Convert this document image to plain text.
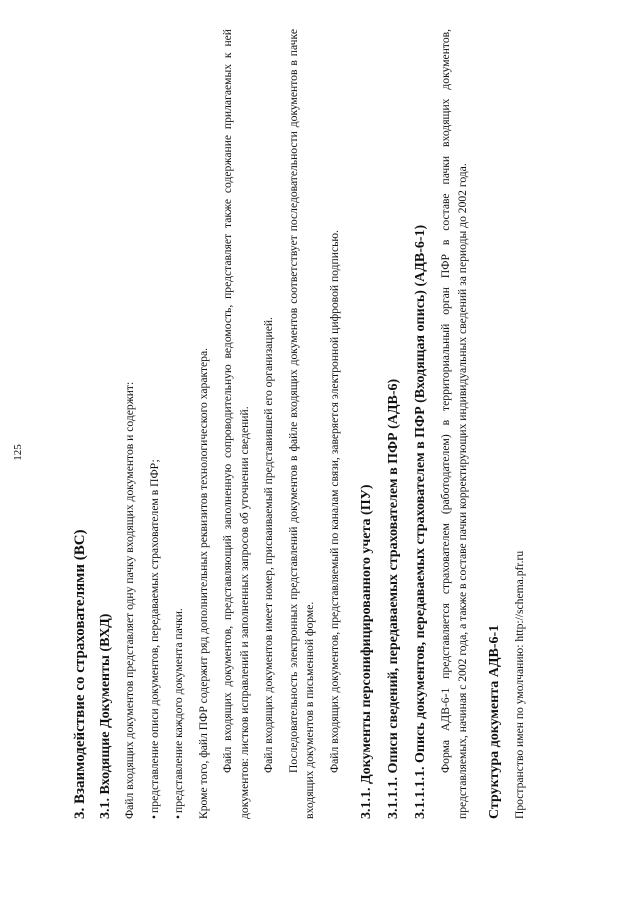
125
3. Взаимодействие со страхователями (ВС) 3.1. Входящие Документы (ВХД) Файл входящих документов представляет одну пачку входящих документов и содержит: •представление описи документов, передаваемых страхователем в ПФР;
•представление каждого документа пачки. Кроме того, файл ПФР содержит ряд дополнительных реквизитов технологического характера. Файл входящих документов, представляющий заполненную сопроводительную ведомость, представляет также содержание прилагаемых к ней документов: листков исправлений и заполненных запросов об уточнении сведений. Файл входящих документов имеет номер, присваиваемый представившей его организацией. Последовательность электронных представлений документов в файле входящих документов соответствует последовательности документов в пачке входящих документов в письменной форме. Файл входящих документов, представляемый по каналам связи, заверяется электронной цифровой подписью. 3.1.1. Документы персонифицированного учета (ПУ) 3.1.1.1. Описи сведений, передаваемых страхователем в ПФР (АДВ-6) 3.1.1.1.1. Опись документов, передаваемых страхователем в ПФР (Входящая опись) (АДВ-6-1) Форма АДВ-6-1 представляется страхователем (работодателем) в территориальный орган ПФР в составе пачки входящих документов, представляемых, начиная с 2002 года, а также в составе пачки корректирующих индивидуальных сведений за периоды до 2002 года. Структура документа АДВ-6-1 Пространство имен по умолчанию: http://schema.pfr.ru
